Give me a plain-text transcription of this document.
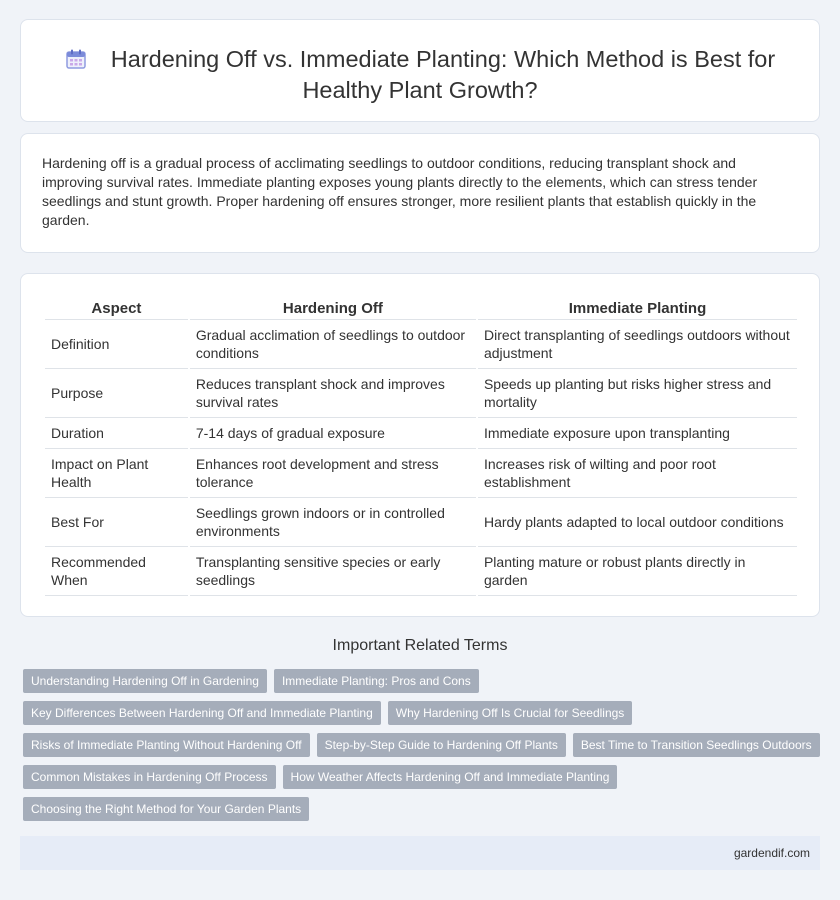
Hardening Off vs. Immediate Planting: Which Method is Best for
Healthy Plant Growth?

Hardening off is a gradual process of acclimating seedlings to outdoor conditions, reducing transplant shock and improving survival rates. Immediate planting exposes young plants directly to the elements, which can stress tender seedlings and stunt growth. Proper hardening off ensures stronger, more resilient plants that establish quickly in the garden.

Aspect	Hardening Off	Immediate Planting
Definition	Gradual acclimation of seedlings to outdoor conditions	Direct transplanting of seedlings outdoors without adjustment
Purpose	Reduces transplant shock and improves survival rates	Speeds up planting but risks higher stress and mortality
Duration	7-14 days of gradual exposure	Immediate exposure upon transplanting
Impact on Plant Health	Enhances root development and stress tolerance	Increases risk of wilting and poor root establishment
Best For	Seedlings grown indoors or in controlled environments	Hardy plants adapted to local outdoor conditions
Recommended When	Transplanting sensitive species or early seedlings	Planting mature or robust plants directly in garden
Important Related Terms
Understanding Hardening Off in Gardening	Immediate Planting: Pros and Cons
Key Differences Between Hardening Off and Immediate Planting	Why Hardening Off Is Crucial for Seedlings
Risks of Immediate Planting Without Hardening Off	Step-by-Step Guide to Hardening Off Plants	Best Time to Transition Seedlings Outdoors
Common Mistakes in Hardening Off Process	How Weather Affects Hardening Off and Immediate Planting
Choosing the Right Method for Your Garden Plants
gardendif.com
